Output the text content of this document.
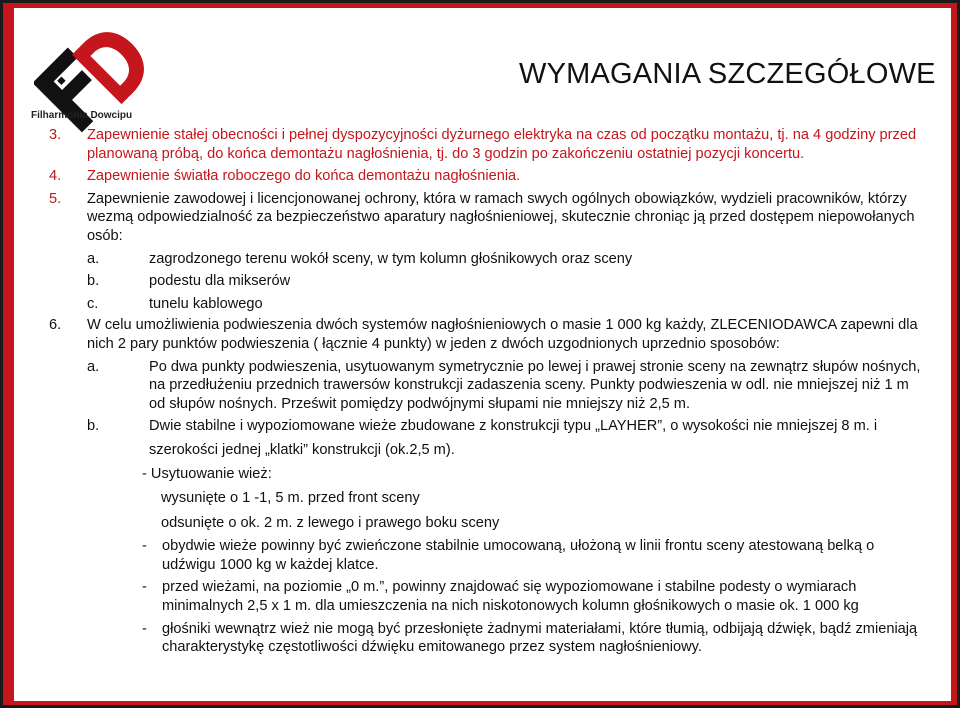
Filharmonia Dowcipu
WYMAGANIA SZCZEGÓŁOWE
3.	Zapewnienie stałej obecności i pełnej dyspozycyjności dyżurnego elektryka na czas od początku montażu, tj. na 4 godziny przed planowaną próbą, do końca demontażu nagłośnienia, tj. do 3 godzin po zakończeniu ostatniej pozycji koncertu.
4.	Zapewnienie światła roboczego do końca demontażu nagłośnienia.
5.	Zapewnienie zawodowej i licencjonowanej ochrony, która w ramach swych ogólnych obowiązków, wydzieli pracowników, którzy wezmą odpowiedzialność za bezpieczeństwo aparatury nagłośnieniowej, skutecznie chroniąc ją przed dostępem niepowołanych osób:
a.	zagrodzonego terenu wokół sceny, w tym kolumn głośnikowych oraz sceny
b.	podestu dla mikserów
c.	tunelu kablowego
6.	W celu umożliwienia podwieszenia dwóch systemów nagłośnieniowych o masie 1 000 kg każdy, ZLECENIODAWCA zapewni dla nich 2 pary punktów podwieszenia ( łącznie 4 punkty) w jeden z dwóch uzgodnionych uprzednio sposobów:
a.	Po dwa punkty podwieszenia, usytuowanym symetrycznie po lewej i prawej stronie sceny na zewnątrz słupów nośnych, na przedłużeniu przednich trawersów konstrukcji zadaszenia sceny. Punkty podwieszenia w odl. nie mniejszej niż 1 m od słupów nośnych. Prześwit pomiędzy podwójnymi słupami nie mniejszy niż 2,5 m.
b.	Dwie stabilne i wypoziomowane wieże zbudowane z konstrukcji typu „LAYHER”, o wysokości nie mniejszej 8 m. i
szerokości jednej „klatki” konstrukcji (ok.2,5 m).
- Usytuowanie wież:
wysunięte o 1 -1, 5 m. przed front sceny
odsunięte o ok. 2 m. z lewego i prawego boku sceny
-	obydwie wieże powinny być zwieńczone stabilnie umocowaną, ułożoną w linii frontu sceny atestowaną belką o udźwigu 1000 kg w każdej klatce.
-	przed wieżami, na poziomie „0 m.”, powinny znajdować się wypoziomowane i stabilne podesty o wymiarach minimalnych 2,5 x 1 m. dla umieszczenia na nich niskotonowych kolumn głośnikowych o masie ok. 1 000 kg
-	głośniki wewnątrz wież nie mogą być przesłonięte żadnymi materiałami, które tłumią, odbijają dźwięk, bądź zmieniają charakterystykę częstotliwości dźwięku emitowanego przez system nagłośnieniowy.
